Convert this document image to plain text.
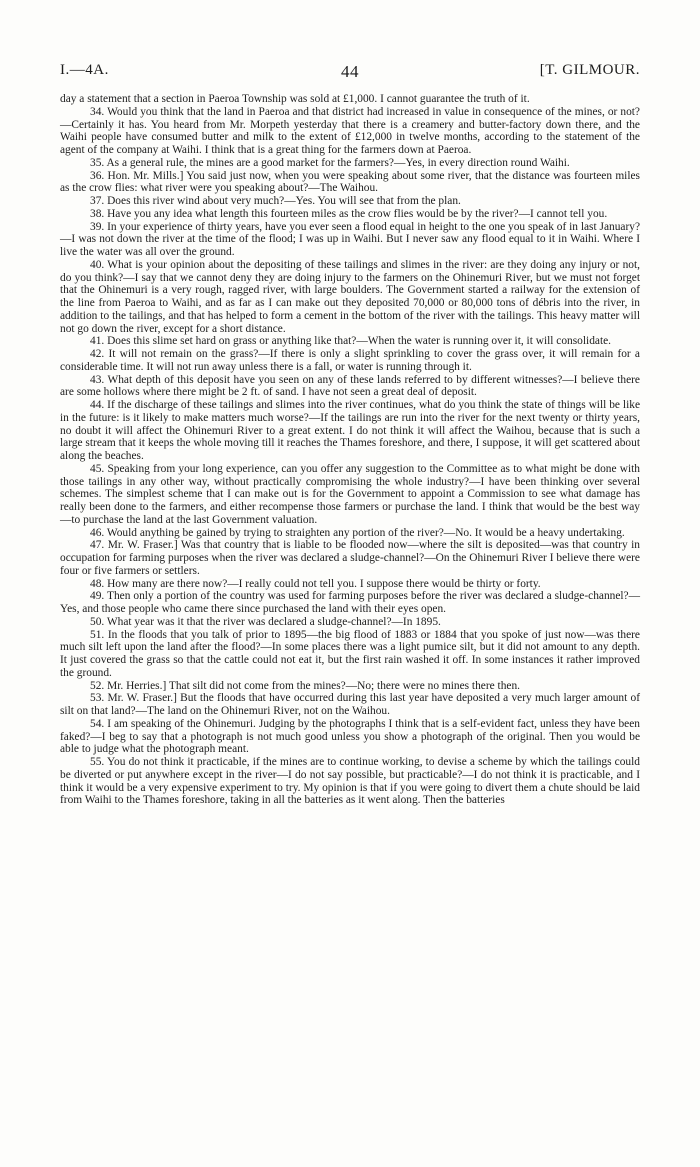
I.—4A.	44	[T. GILMOUR.

day a statement that a section in Paeroa Township was sold at £1,000. I cannot guarantee the truth of it.

34. Would you think that the land in Paeroa and that district had increased in value in consequence of the mines, or not?—Certainly it has. You heard from Mr. Morpeth yesterday that there is a creamery and butter-factory down there, and the Waihi people have consumed butter and milk to the extent of £12,000 in twelve months, according to the statement of the agent of the company at Waihi. I think that is a great thing for the farmers down at Paeroa.

35. As a general rule, the mines are a good market for the farmers?—Yes, in every direction round Waihi.

36. Hon. Mr. Mills.] You said just now, when you were speaking about some river, that the distance was fourteen miles as the crow flies: what river were you speaking about?—The Waihou.

37. Does this river wind about very much?—Yes. You will see that from the plan.

38. Have you any idea what length this fourteen miles as the crow flies would be by the river?—I cannot tell you.

39. In your experience of thirty years, have you ever seen a flood equal in height to the one you speak of in last January?—I was not down the river at the time of the flood; I was up in Waihi. But I never saw any flood equal to it in Waihi. Where I live the water was all over the ground.

40. What is your opinion about the depositing of these tailings and slimes in the river: are they doing any injury or not, do you think?—I say that we cannot deny they are doing injury to the farmers on the Ohinemuri River, but we must not forget that the Ohinemuri is a very rough, ragged river, with large boulders. The Government started a railway for the extension of the line from Paeroa to Waihi, and as far as I can make out they deposited 70,000 or 80,000 tons of débris into the river, in addition to the tailings, and that has helped to form a cement in the bottom of the river with the tailings. This heavy matter will not go down the river, except for a short distance.

41. Does this slime set hard on grass or anything like that?—When the water is running over it, it will consolidate.

42. It will not remain on the grass?—If there is only a slight sprinkling to cover the grass over, it will remain for a considerable time. It will not run away unless there is a fall, or water is running through it.

43. What depth of this deposit have you seen on any of these lands referred to by different witnesses?—I believe there are some hollows where there might be 2 ft. of sand. I have not seen a great deal of deposit.

44. If the discharge of these tailings and slimes into the river continues, what do you think the state of things will be like in the future: is it likely to make matters much worse?—If the tailings are run into the river for the next twenty or thirty years, no doubt it will affect the Ohinemuri River to a great extent. I do not think it will affect the Waihou, because that is such a large stream that it keeps the whole moving till it reaches the Thames foreshore, and there, I suppose, it will get scattered about along the beaches.

45. Speaking from your long experience, can you offer any suggestion to the Committee as to what might be done with those tailings in any other way, without practically compromising the whole industry?—I have been thinking over several schemes. The simplest scheme that I can make out is for the Government to appoint a Commission to see what damage has really been done to the farmers, and either recompense those farmers or purchase the land. I think that would be the best way—to purchase the land at the last Government valuation.

46. Would anything be gained by trying to straighten any portion of the river?—No. It would be a heavy undertaking.

47. Mr. W. Fraser.] Was that country that is liable to be flooded now—where the silt is deposited—was that country in occupation for farming purposes when the river was declared a sludge-channel?—On the Ohinemuri River I believe there were four or five farmers or settlers.

48. How many are there now?—I really could not tell you. I suppose there would be thirty or forty.

49. Then only a portion of the country was used for farming purposes before the river was declared a sludge-channel?—Yes, and those people who came there since purchased the land with their eyes open.

50. What year was it that the river was declared a sludge-channel?—In 1895.

51. In the floods that you talk of prior to 1895—the big flood of 1883 or 1884 that you spoke of just now—was there much silt left upon the land after the flood?—In some places there was a light pumice silt, but it did not amount to any depth. It just covered the grass so that the cattle could not eat it, but the first rain washed it off. In some instances it rather improved the ground.

52. Mr. Herries.] That silt did not come from the mines?—No; there were no mines there then.

53. Mr. W. Fraser.] But the floods that have occurred during this last year have deposited a very much larger amount of silt on that land?—The land on the Ohinemuri River, not on the Waihou.

54. I am speaking of the Ohinemuri. Judging by the photographs I think that is a self-evident fact, unless they have been faked?—I beg to say that a photograph is not much good unless you show a photograph of the original. Then you would be able to judge what the photograph meant.

55. You do not think it practicable, if the mines are to continue working, to devise a scheme by which the tailings could be diverted or put anywhere except in the river—I do not say possible, but practicable?—I do not think it is practicable, and I think it would be a very expensive experiment to try. My opinion is that if you were going to divert them a chute should be laid from Waihi to the Thames foreshore, taking in all the batteries as it went along. Then the batteries
